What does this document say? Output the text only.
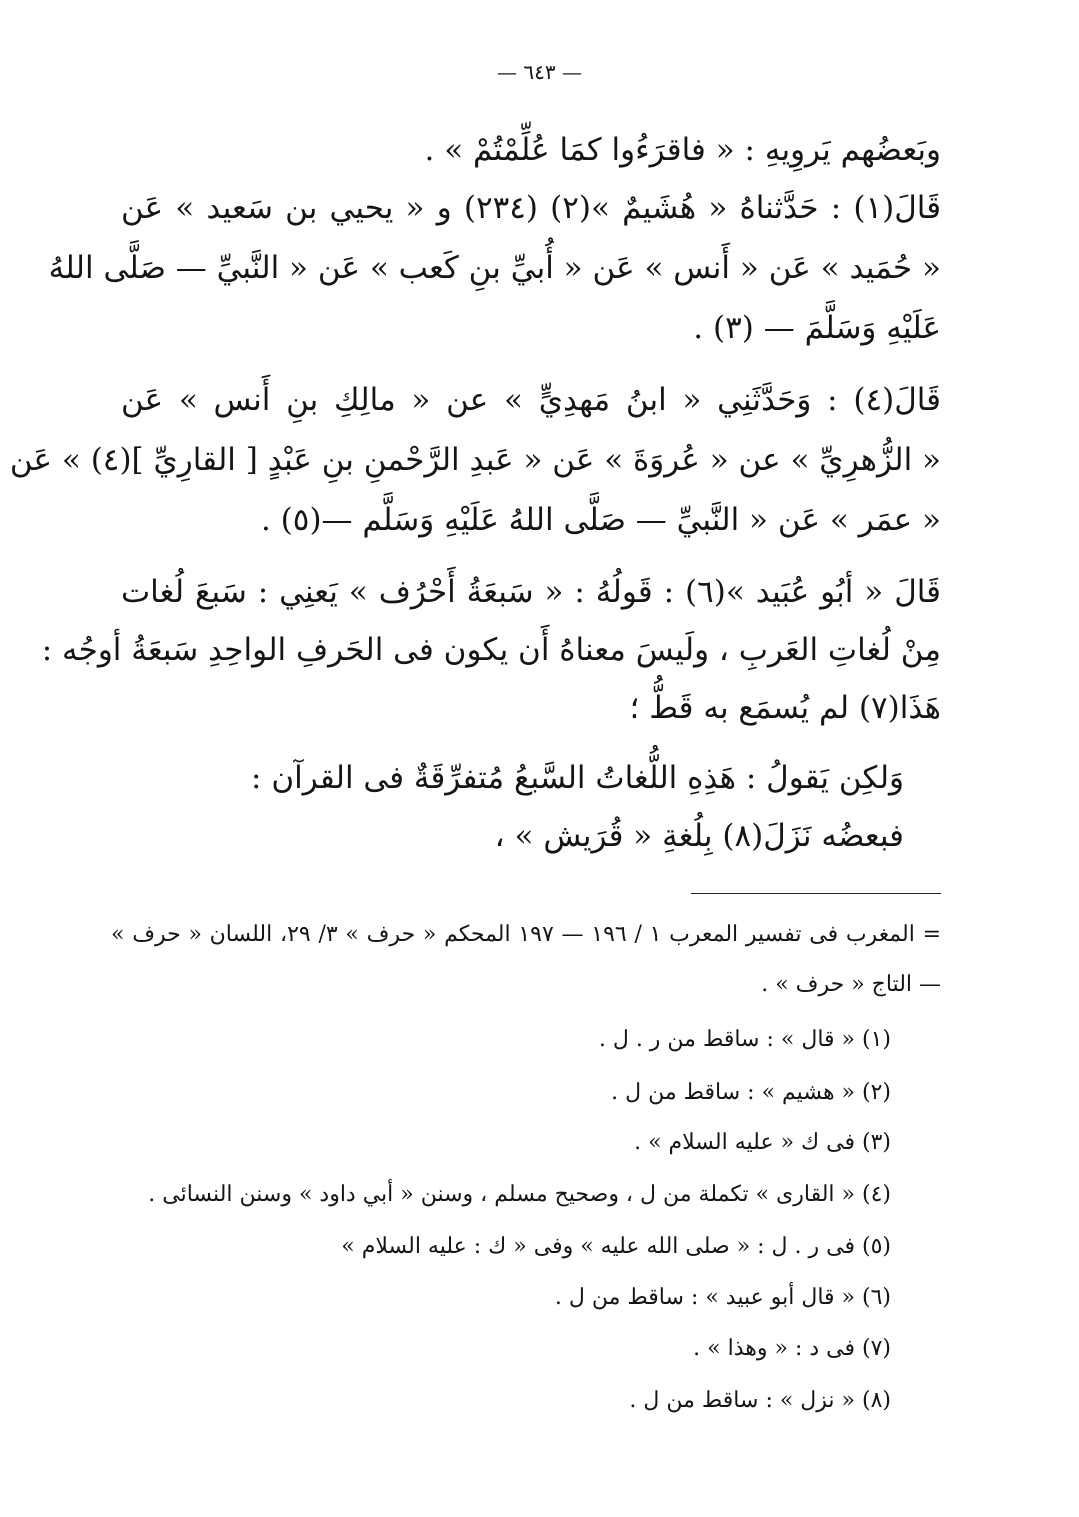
— ٦٤٣ —
وبَعضُهم يَروِيهِ : « فاقرَءُوا كمَا عُلِّمْتُمْ » .
قَالَ(١) : حَدَّثناهُ « هُشَيمٌ »(٢) (٢٣٤) و « يحيي بن سَعيد » عَن
« حُمَيد » عَن « أَنس » عَن « أُبيِّ بنِ كَعب » عَن « النَّبيِّ — صَلَّى اللهُ
عَلَيْهِ وَسَلَّمَ — (٣) .
قَالَ(٤) : وَحَدَّثَنِي « ابنُ مَهدِيٍّ » عن « مالِكِ بنِ أَنس » عَن
« الزُّهرِيِّ » عن « عُروَةَ » عَن « عَبدِ الرَّحْمنِ بنِ عَبْدٍ [ القارِيِّ ](٤) » عَن
« عمَر » عَن « النَّبيِّ — صَلَّى اللهُ عَلَيْهِ وَسَلَّم —(٥) .
قَالَ « أبُو عُبَيد »(٦) : قَولُهُ : « سَبعَةُ أَحْرُف » يَعنِي : سَبعَ لُغات
مِنْ لُغاتِ العَربِ ، ولَيسَ معناهُ أَن يكون فى الحَرفِ الواحِدِ سَبعَةُ أوجُه :
هَذَا(٧) لم يُسمَع به قَطُّ ؛
وَلكِن يَقولُ : هَذِهِ اللُّغاتُ السَّبعُ مُتفرِّقَةٌ فى القرآن :
فبعضُه نَزَلَ(٨) بِلُغةِ « قُرَيش » ،
= المغرب فى تفسير المعرب ١ / ١٩٦ — ١٩٧ المحكم « حرف » ٣/ ٢٩، اللسان « حرف »
— التاج « حرف » .
(١) « قال » : ساقط من ر . ل .
(٢) « هشيم » : ساقط من ل .
(٣) فى ك « عليه السلام » .
(٤) « القارى » تكملة من ل ، وصحيح مسلم ، وسنن « أبي داود » وسنن النسائى .
(٥) فى ر . ل : « صلى الله عليه » وفى « ك : عليه السلام »
(٦) « قال أبو عبيد » : ساقط من ل .
(٧) فى د : « وهذا » .
(٨) « نزل » : ساقط من ل .
